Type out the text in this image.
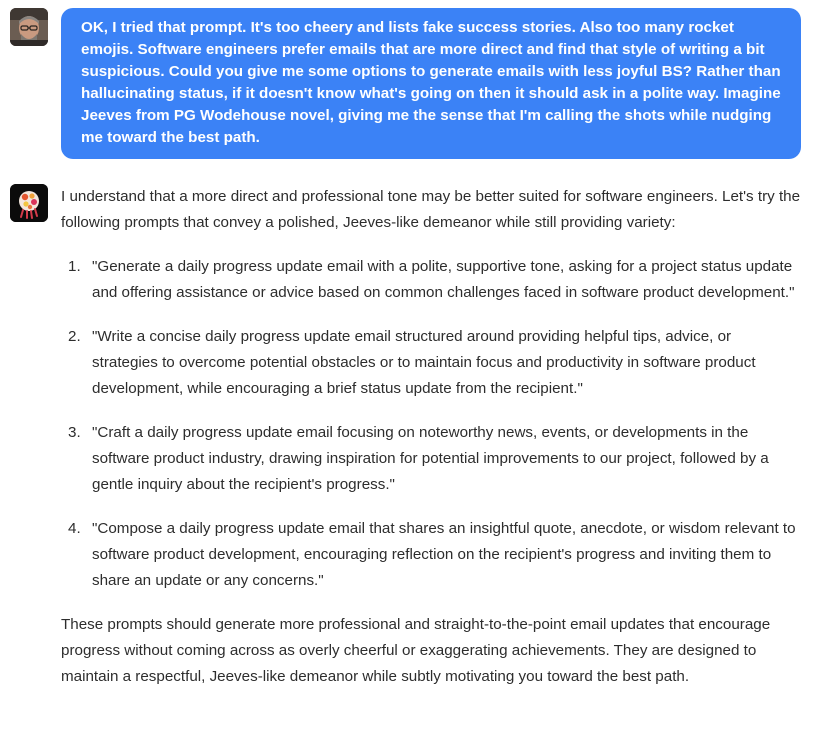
OK, I tried that prompt. It's too cheery and lists fake success stories. Also too many rocket emojis. Software engineers prefer emails that are more direct and find that style of writing a bit suspicious. Could you give me some options to generate emails with less joyful BS? Rather than hallucinating status, if it doesn't know what's going on then it should ask in a polite way. Imagine Jeeves from PG Wodehouse novel, giving me the sense that I'm calling the shots while nudging me toward the best path.

I understand that a more direct and professional tone may be better suited for software engineers. Let's try the following prompts that convey a polished, Jeeves-like demeanor while still providing variety:

1. "Generate a daily progress update email with a polite, supportive tone, asking for a project status update and offering assistance or advice based on common challenges faced in software product development."
2. "Write a concise daily progress update email structured around providing helpful tips, advice, or strategies to overcome potential obstacles or to maintain focus and productivity in software product development, while encouraging a brief status update from the recipient."
3. "Craft a daily progress update email focusing on noteworthy news, events, or developments in the software product industry, drawing inspiration for potential improvements to our project, followed by a gentle inquiry about the recipient's progress."
4. "Compose a daily progress update email that shares an insightful quote, anecdote, or wisdom relevant to software product development, encouraging reflection on the recipient's progress and inviting them to share an update or any concerns."

These prompts should generate more professional and straight-to-the-point email updates that encourage progress without coming across as overly cheerful or exaggerating achievements. They are designed to maintain a respectful, Jeeves-like demeanor while subtly motivating you toward the best path.
